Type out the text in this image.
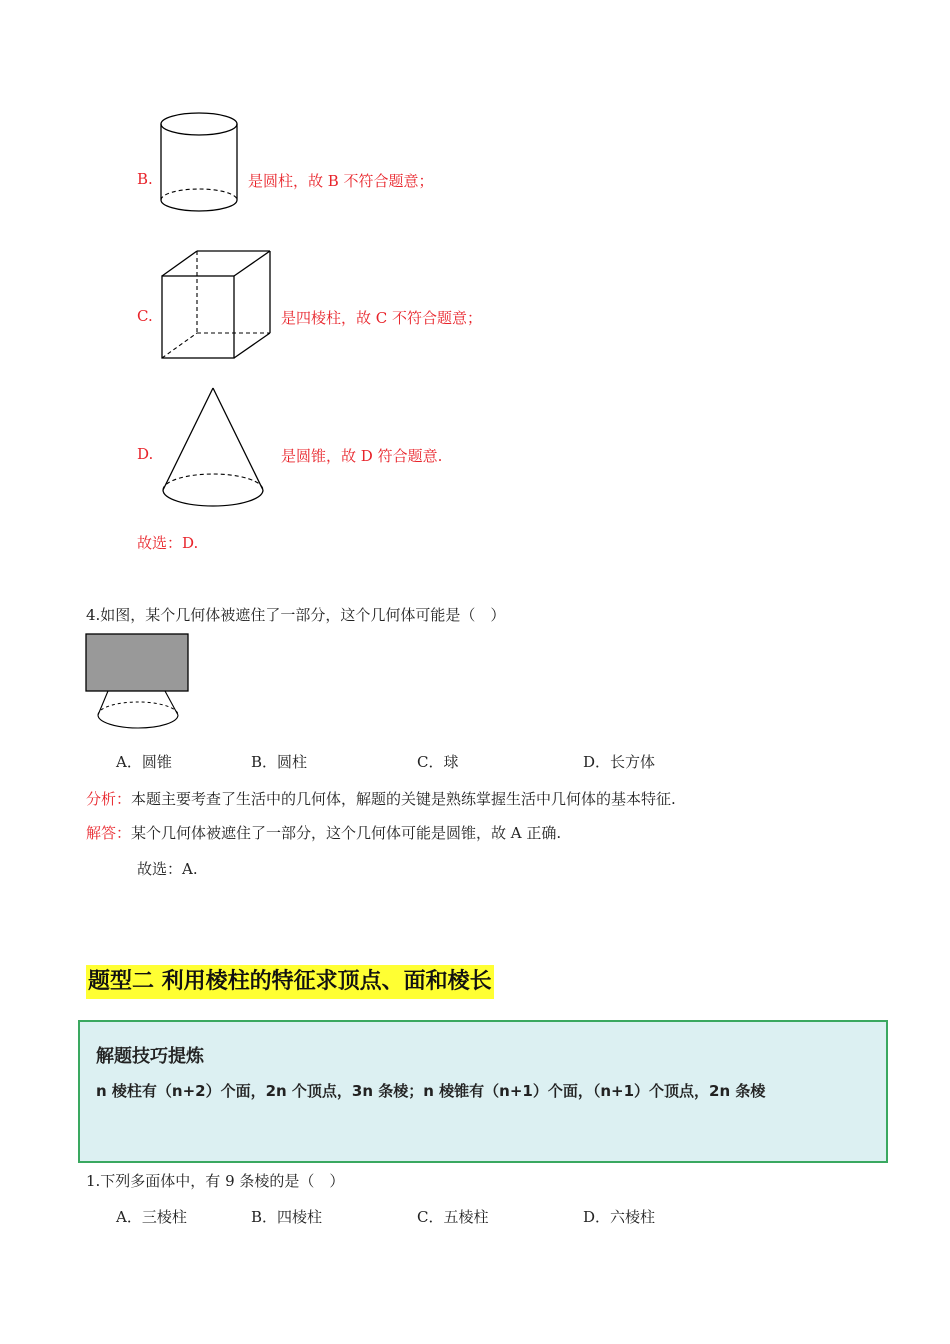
B.	是圆柱，故 B 不符合题意；
C.	是四棱柱，故 C 不符合题意；
D.	是圆锥，故 D 符合题意.
故选：D.
4.如图，某个几何体被遮住了一部分，这个几何体可能是（　）
A．圆锥	B．圆柱	C．球	D．长方体
分析：本题主要考查了生活中的几何体，解题的关键是熟练掌握生活中几何体的基本特征.
解答：某个几何体被遮住了一部分，这个几何体可能是圆锥，故 A 正确.
故选：A.
题型二 利用棱柱的特征求顶点、面和棱长
解题技巧提炼
n 棱柱有（n+2）个面，2n 个顶点，3n 条棱；n 棱锥有（n+1）个面，（n+1）个顶点，2n 条棱
1.下列多面体中，有 9 条棱的是（　）
A．三棱柱	B．四棱柱	C．五棱柱	D．六棱柱
